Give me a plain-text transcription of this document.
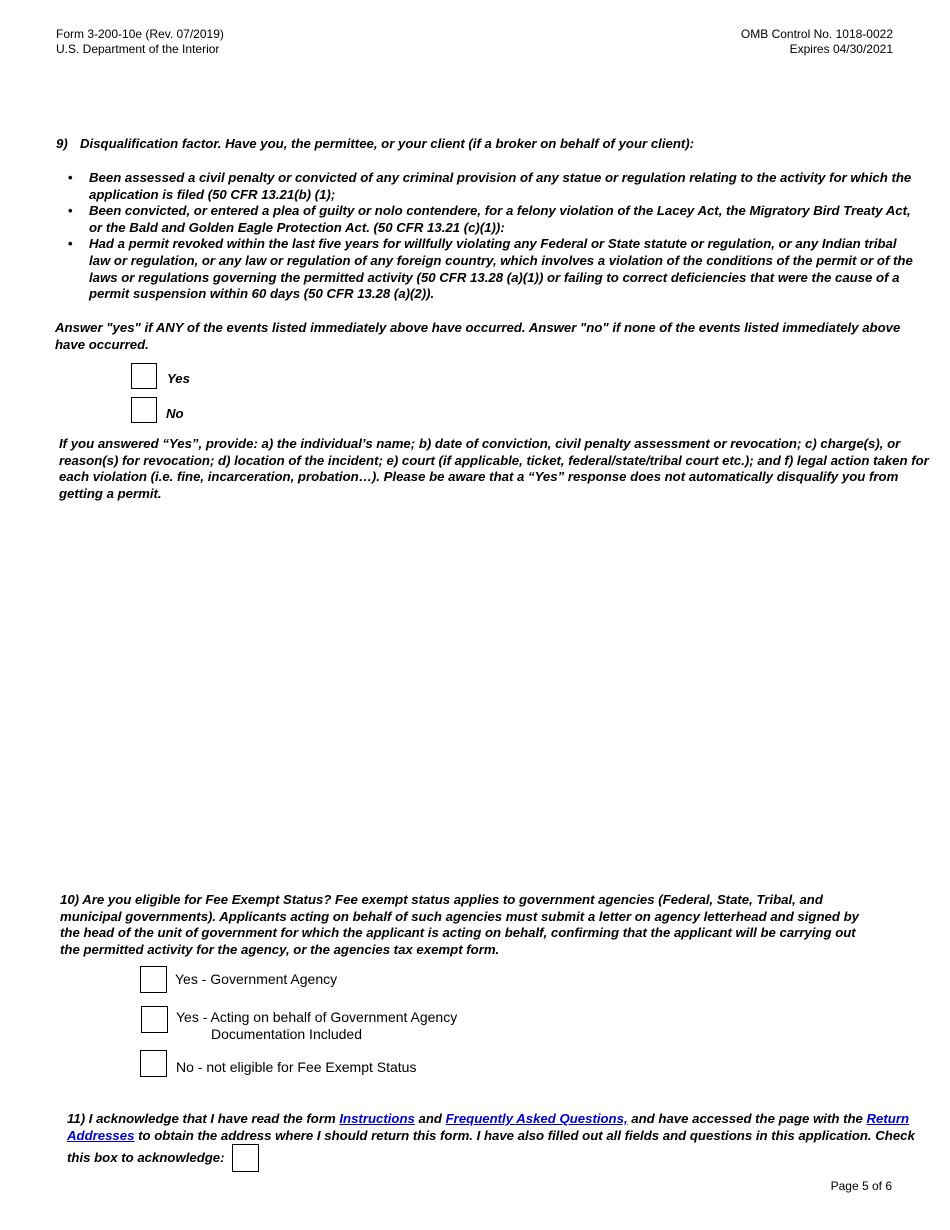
Form 3-200-10e (Rev. 07/2019)
U.S. Department of the Interior
OMB Control No. 1018-0022
Expires 04/30/2021
9) Disqualification factor. Have you, the permittee, or your client (if a broker on behalf of your client):
• Been assessed a civil penalty or convicted of any criminal provision of any statue or regulation relating to the activity for which the application is filed (50 CFR 13.21(b) (1);
• Been convicted, or entered a plea of guilty or nolo contendere, for a felony violation of the Lacey Act, the Migratory Bird Treaty Act, or the Bald and Golden Eagle Protection Act. (50 CFR 13.21 (c)(1)):
• Had a permit revoked within the last five years for willfully violating any Federal or State statute or regulation, or any Indian tribal law or regulation, or any law or regulation of any foreign country, which involves a violation of the conditions of the permit or of the laws or regulations governing the permitted activity (50 CFR 13.28 (a)(1)) or failing to correct deficiencies that were the cause of a permit suspension within 60 days (50 CFR 13.28 (a)(2)).
Answer "yes" if ANY of the events listed immediately above have occurred. Answer "no" if none of the events listed immediately above have occurred.
Yes
No
If you answered “Yes”, provide: a) the individual’s name; b) date of conviction, civil penalty assessment or revocation; c) charge(s), or reason(s) for revocation; d) location of the incident; e) court (if applicable, ticket, federal/state/tribal court etc.); and f) legal action taken for each violation (i.e. fine, incarceration, probation…). Please be aware that a “Yes” response does not automatically disqualify you from getting a permit.
10) Are you eligible for Fee Exempt Status? Fee exempt status applies to government agencies (Federal, State, Tribal, and municipal governments). Applicants acting on behalf of such agencies must submit a letter on agency letterhead and signed by the head of the unit of government for which the applicant is acting on behalf, confirming that the applicant will be carrying out the permitted activity for the agency, or the agencies tax exempt form.
Yes - Government Agency
Yes - Acting on behalf of Government Agency
Documentation Included
No - not eligible for Fee Exempt Status
11) I acknowledge that I have read the form Instructions and Frequently Asked Questions, and have accessed the page with the Return Addresses to obtain the address where I should return this form. I have also filled out all fields and questions in this application. Check this box to acknowledge:
Page 5 of 6
